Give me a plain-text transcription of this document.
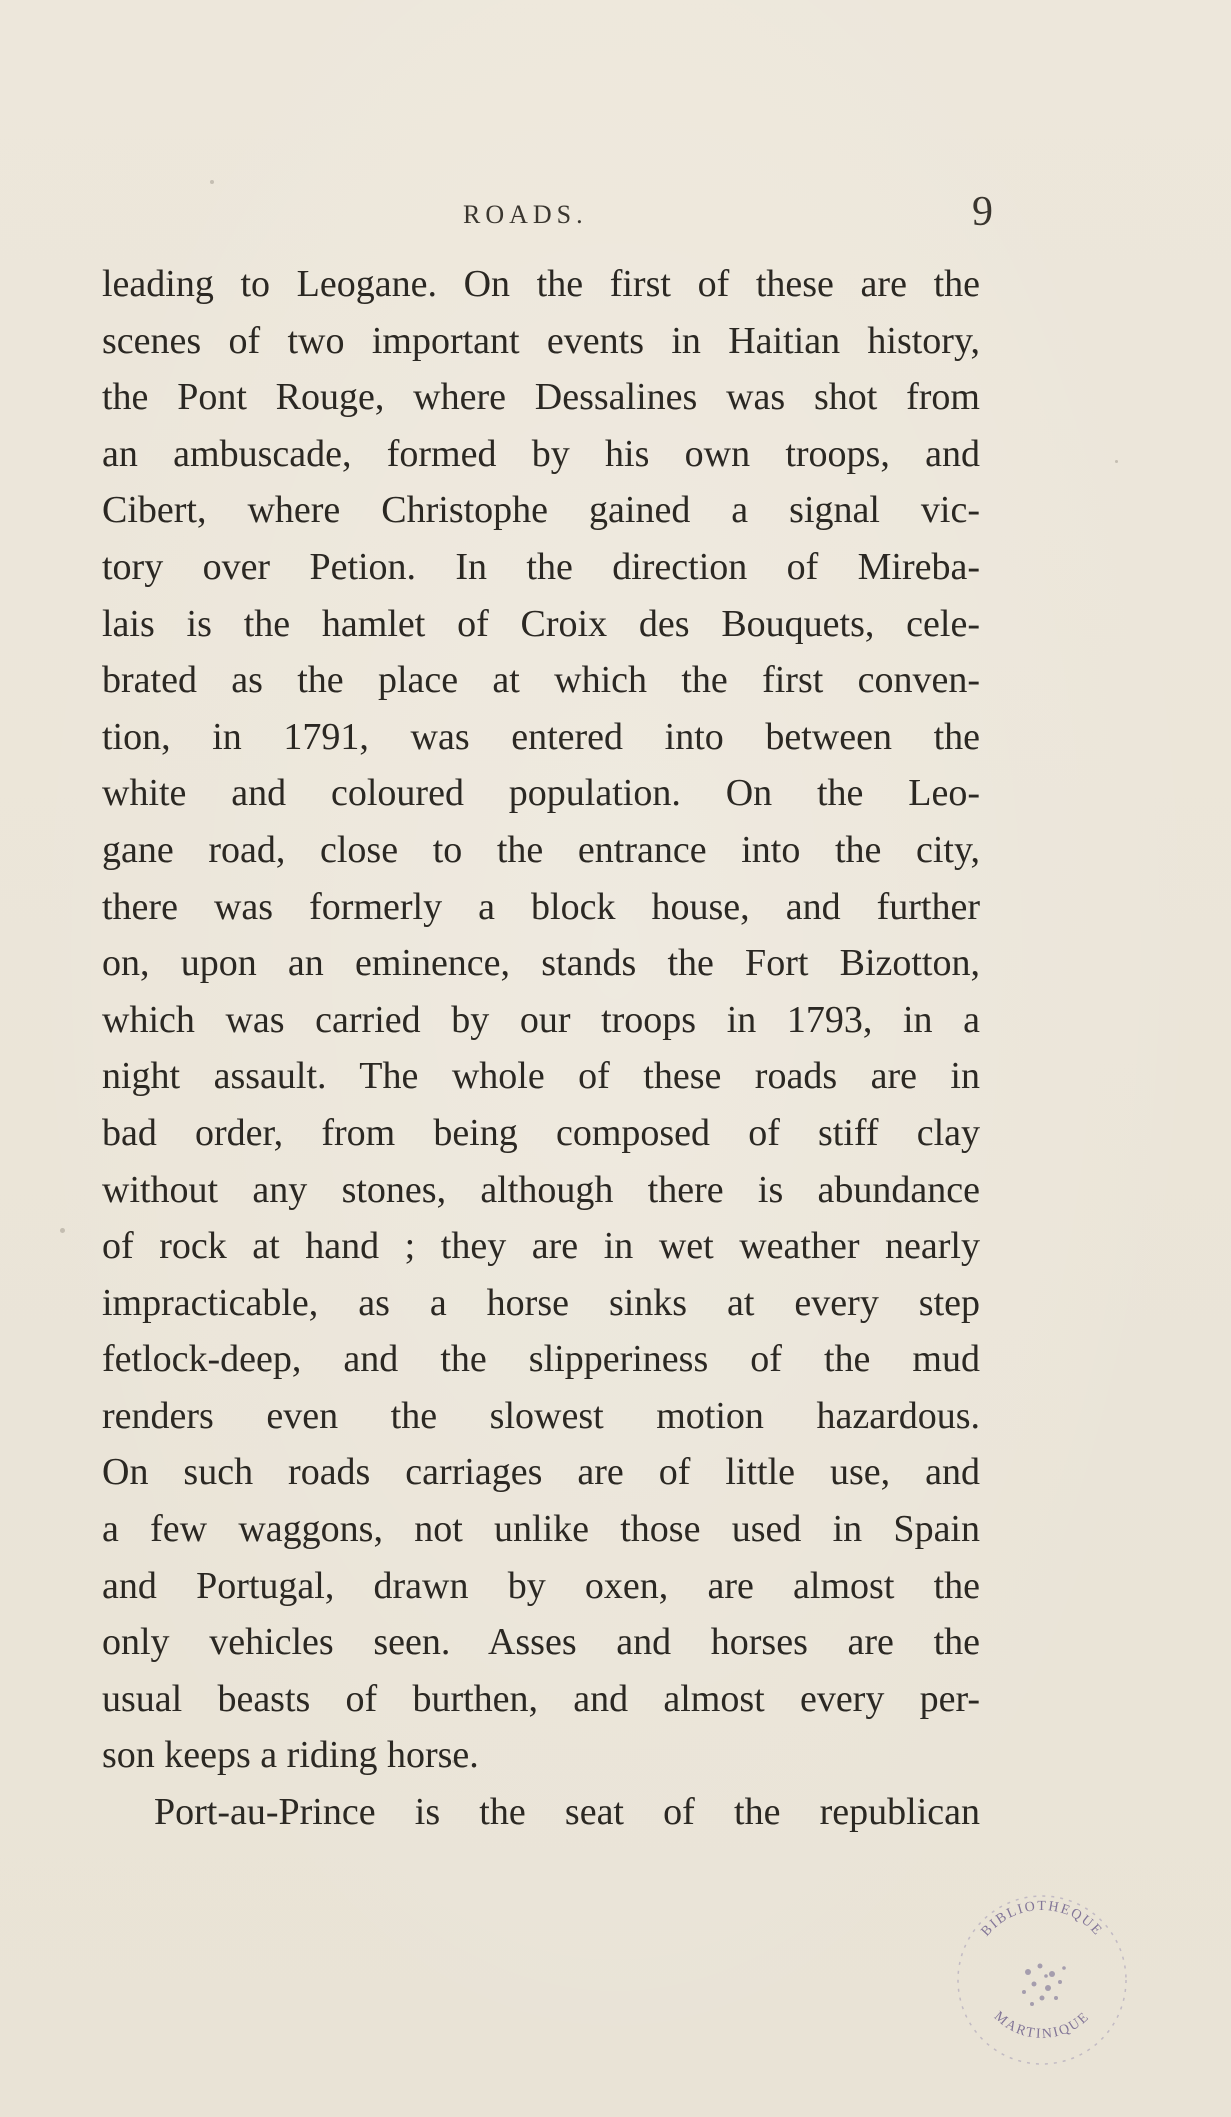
ROADS.	9
leading to Leogane. On the first of these are the
scenes of two important events in Haitian history,
the Pont Rouge, where Dessalines was shot from
an ambuscade, formed by his own troops, and
Cibert, where Christophe gained a signal vic-
tory over Petion. In the direction of Mireba-
lais is the hamlet of Croix des Bouquets, cele-
brated as the place at which the first conven-
tion, in 1791, was entered into between the
white and coloured population. On the Leo-
gane road, close to the entrance into the city,
there was formerly a block house, and further
on, upon an eminence, stands the Fort Bizotton,
which was carried by our troops in 1793, in a
night assault. The whole of these roads are in
bad order, from being composed of stiff clay
without any stones, although there is abundance
of rock at hand ; they are in wet weather nearly
impracticable, as a horse sinks at every step
fetlock-deep, and the slipperiness of the mud
renders even the slowest motion hazardous.
On such roads carriages are of little use, and
a few waggons, not unlike those used in Spain
and Portugal, drawn by oxen, are almost the
only vehicles seen. Asses and horses are the
usual beasts of burthen, and almost every per-
son keeps a riding horse.
Port-au-Prince is the seat of the republican
BIBLIOTHEQUE
MARTINIQUE
